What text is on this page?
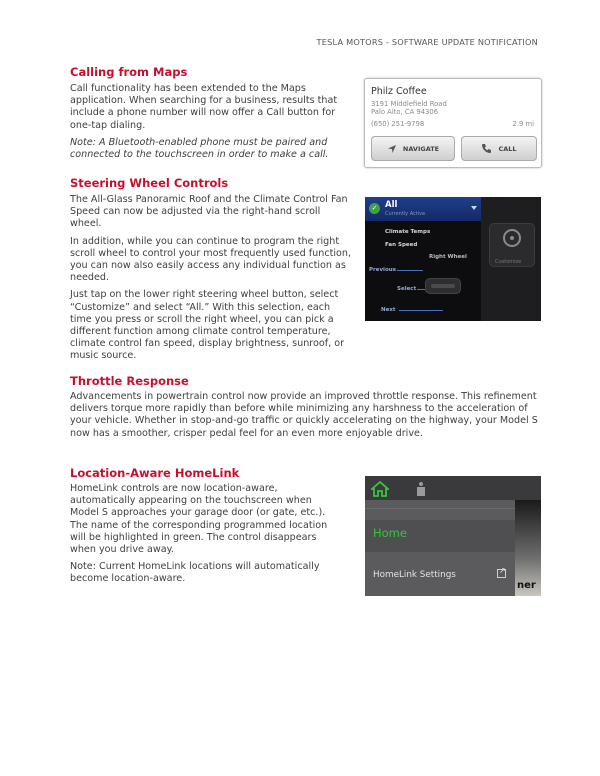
TESLA MOTORS - SOFTWARE UPDATE NOTIFICATION
Calling from Maps

Call functionality has been extended to the Maps application. When searching for a business, results that include a phone number will now offer a Call button for one-tap dialing.

Note: A Bluetooth-enabled phone must be paired and connected to the touchscreen in order to make a call.

Philz Coffee
3191 Middlefield Road
Palo Alto, CA 94306
(650) 251-9798	2.9 mi
NAVIGATE	CALL
Steering Wheel Controls

The All-Glass Panoramic Roof and the Climate Control Fan Speed can now be adjusted via the right-hand scroll wheel.

In addition, while you can continue to program the right scroll wheel to control your most frequently used function, you can now also easily access any individual function as needed.

Just tap on the lower right steering wheel button, select “Customize” and select “All.” With this selection, each time you press or scroll the right wheel, you can pick a different function among climate control temperature, climate control fan speed, display brightness, sunroof, or music source.

✓ All
Currently Active
Climate Temps
Fan Speed
Right Wheel
Previous
Select
Next
Customize
Throttle Response

Advancements in powertrain control now provide an improved throttle response. This refinement delivers torque more rapidly than before while minimizing any harshness to the acceleration of your vehicle. Whether in stop-and-go traffic or quickly accelerating on the highway, your Model S now has a smoother, crisper pedal feel for an even more enjoyable drive.

Location-Aware HomeLink

HomeLink controls are now location-aware, automatically appearing on the touchscreen when Model S approaches your garage door (or gate, etc.). The name of the corresponding programmed location will be highlighted in green. The control disappears when you drive away.

Note: Current HomeLink locations will automatically become location-aware.

Home
HomeLink Settings
↗
ner
